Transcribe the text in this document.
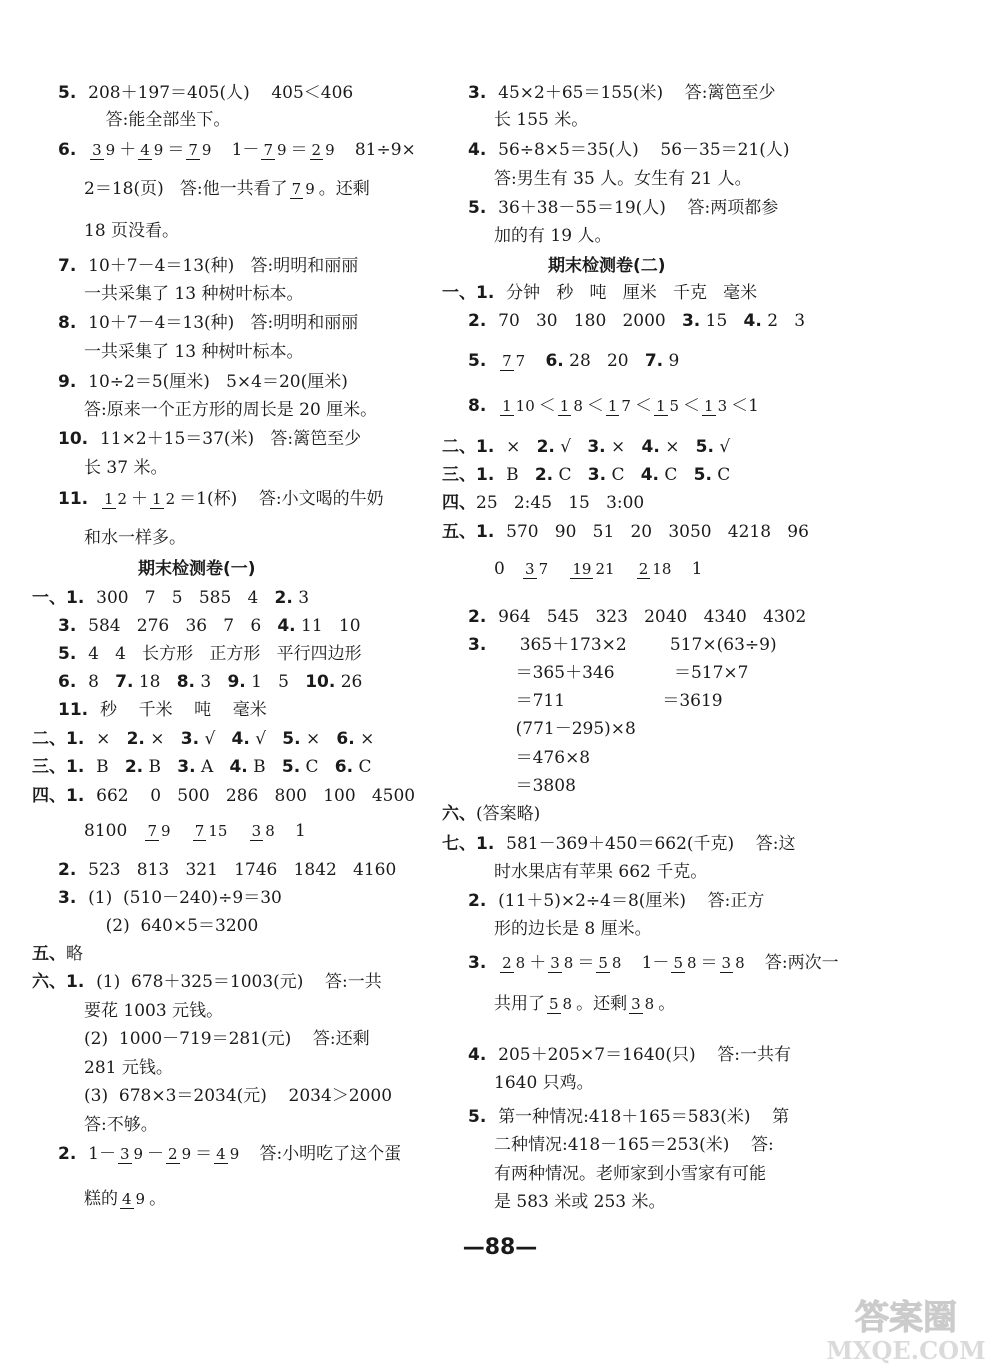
5.  208＋197＝405(人)    405＜406
答:能全部坐下。
6.  3 9 ＋ 4 9 ＝ 7 9   1－ 7 9 ＝ 2 9   81÷9×
2＝18(页)   答:他一共看了 7 9 。还剩
18 页没看。
7.  10＋7－4＝13(种)   答:明明和丽丽
一共采集了 13 种树叶标本。
8.  10＋7－4＝13(种)   答:明明和丽丽
一共采集了 13 种树叶标本。
9.  10÷2＝5(厘米)   5×4＝20(厘米)
答:原来一个正方形的周长是 20 厘米。
10.  11×2＋15＝37(米)   答:篱笆至少
长 37 米。
11.  1 2 ＋ 1 2 ＝1(杯)    答:小文喝的牛奶
和水一样多。
期末检测卷(一)
一、1.  300   7   5   585   4   2. 3
3.  584   276   36   7   6   4. 11   10
5.  4   4   长方形   正方形   平行四边形
6.  8   7. 18   8. 3   9. 1   5   10. 26
11.  秒    千米    吨    毫米
二、1.  ×   2. ×   3. √   4. √   5. ×   6. ×
三、1.  B   2. B   3. A   4. B   5. C   6. C
四、1.  662    0   500   286   800   100   4500
8100   7 9 7 15 3 8   1
2.  523   813   321   1746   1842   4160
3.  (1)  (510－240)÷9＝30
(2)  640×5＝3200
五、略
六、1.  (1)  678＋325＝1003(元)    答:一共
要花 1003 元钱。
(2)  1000－719＝281(元)    答:还剩
281 元钱。
(3)  678×3＝2034(元)    2034＞2000
答:不够。
2.  1－ 3 9 － 2 9 ＝ 4 9   答:小明吃了这个蛋
糕的 4 9 。
3.  45×2＋65＝155(米)    答:篱笆至少
长 155 米。
4.  56÷8×5＝35(人)    56－35＝21(人)
答:男生有 35 人。女生有 21 人。
5.  36＋38－55＝19(人)    答:两项都参
加的有 19 人。
期末检测卷(二)
一、1.  分钟   秒   吨   厘米   千克   毫米
2.  70   30   180   2000   3. 15   4. 2   3
5.  7 7 6. 28   20   7. 9
8.  1 10 ＜ 1 8 ＜ 1 7 ＜ 1 5 ＜ 1 3 ＜1
二、1.  ×   2. √   3. ×   4. ×   5. √
三、1.  B   2. C   3. C   4. C   5. C
四、25   2:45   15   3:00
五、1.  570   90   51   20   3050   4218   96
0   3 7 19 21 2 18   1
2.  964   545   323   2040   4340   4302
3.      365＋173×2        517×(63÷9)
＝365＋346           ＝517×7
＝711                  ＝3619
(771－295)×8
＝476×8
＝3808
六、(答案略)
七、1.  581－369＋450＝662(千克)    答:这
时水果店有苹果 662 千克。
2.  (11＋5)×2÷4＝8(厘米)    答:正方
形的边长是 8 厘米。
3.  2 8 ＋ 3 8 ＝ 5 8   1－ 5 8 ＝ 3 8   答:两次一
共用了 5 8 。还剩 3 8 。
4.  205＋205×7＝1640(只)    答:一共有
1640 只鸡。
5.  第一种情况:418＋165＝583(米)    第
二种情况:418－165＝253(米)    答:
有两种情况。老师家到小雪家有可能
是 583 米或 253 米。
—88—
答案圈
MXQE.COM
